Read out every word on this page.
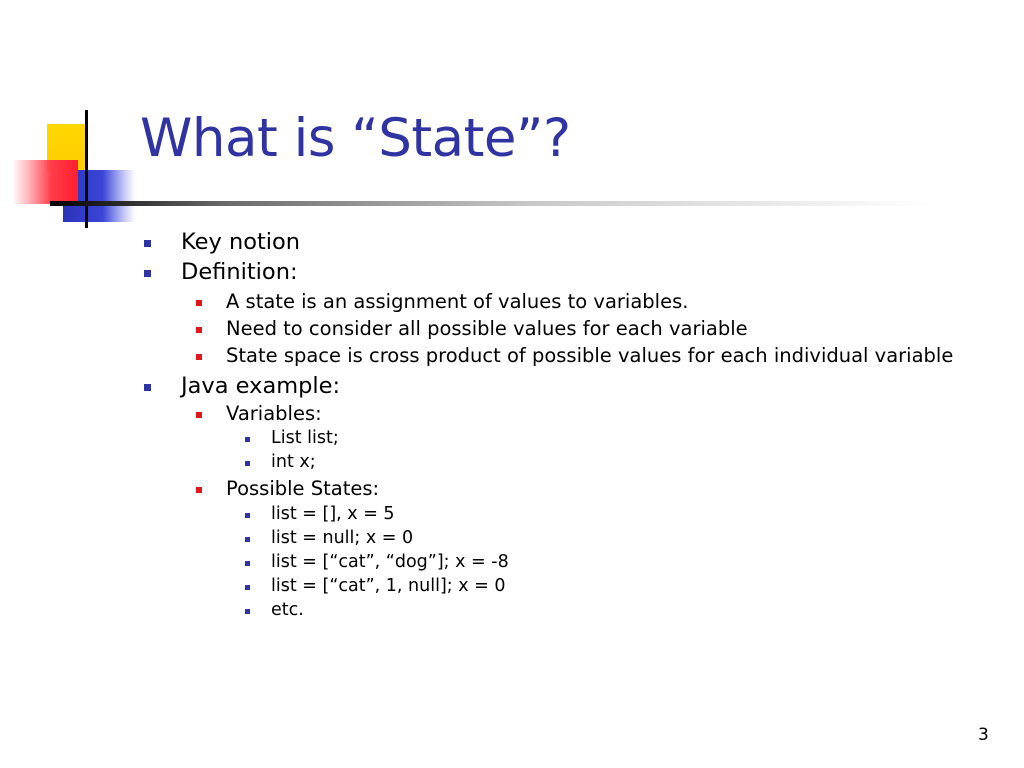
What is “State”?
Key notion
Definition:
A state is an assignment of values to variables.
Need to consider all possible values for each variable
State space is cross product of possible values for each individual variable
Java example:
Variables:
List list;
int x;
Possible States:
list = [], x = 5
list = null; x = 0
list = [“cat”, “dog”]; x = -8
list = [“cat”, 1, null]; x = 0
etc.
3
